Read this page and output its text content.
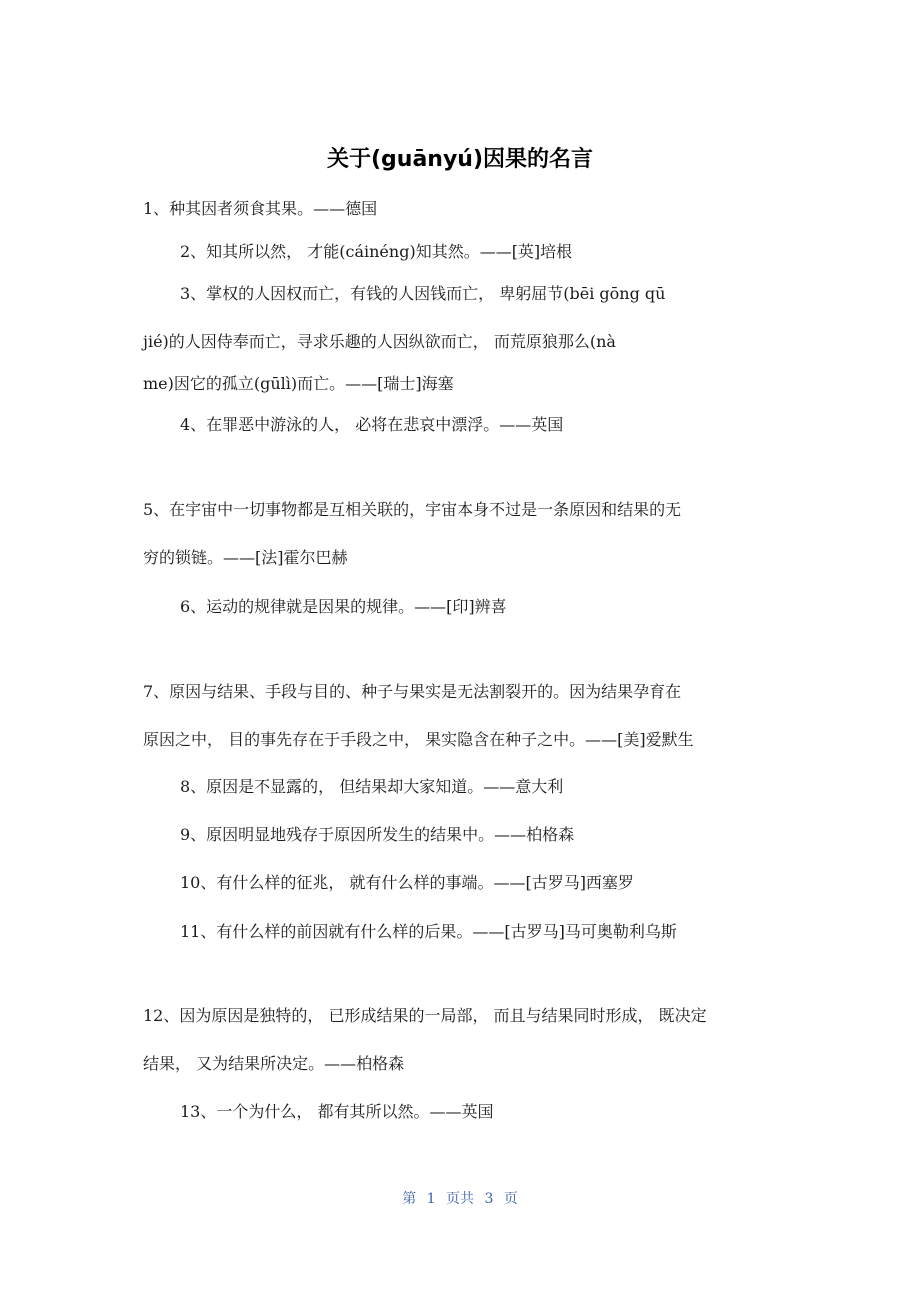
关于(guānyú)因果的名言
1、种其因者须食其果。——德国
2、知其所以然， 才能(cáinéng)知其然。——[英]培根
3、掌权的人因权而亡，有钱的人因钱而亡， 卑躬屈节(bēi gōng qū
jié)的人因侍奉而亡，寻求乐趣的人因纵欲而亡， 而荒原狼那么(nà
me)因它的孤立(gūlì)而亡。——[瑞士]海塞
4、在罪恶中游泳的人， 必将在悲哀中漂浮。——英国
5、在宇宙中一切事物都是互相关联的，宇宙本身不过是一条原因和结果的无
穷的锁链。——[法]霍尔巴赫
6、运动的规律就是因果的规律。——[印]辨喜
7、原因与结果、手段与目的、种子与果实是无法割裂开的。因为结果孕育在
原因之中， 目的事先存在于手段之中， 果实隐含在种子之中。——[美]爱默生
8、原因是不显露的， 但结果却大家知道。——意大利
9、原因明显地残存于原因所发生的结果中。——柏格森
10、有什么样的征兆， 就有什么样的事端。——[古罗马]西塞罗
11、有什么样的前因就有什么样的后果。——[古罗马]马可奥勒利乌斯
12、因为原因是独特的， 已形成结果的一局部， 而且与结果同时形成， 既决定
结果， 又为结果所决定。——柏格森
13、一个为什么， 都有其所以然。——英国
第 1 页共 3 页
